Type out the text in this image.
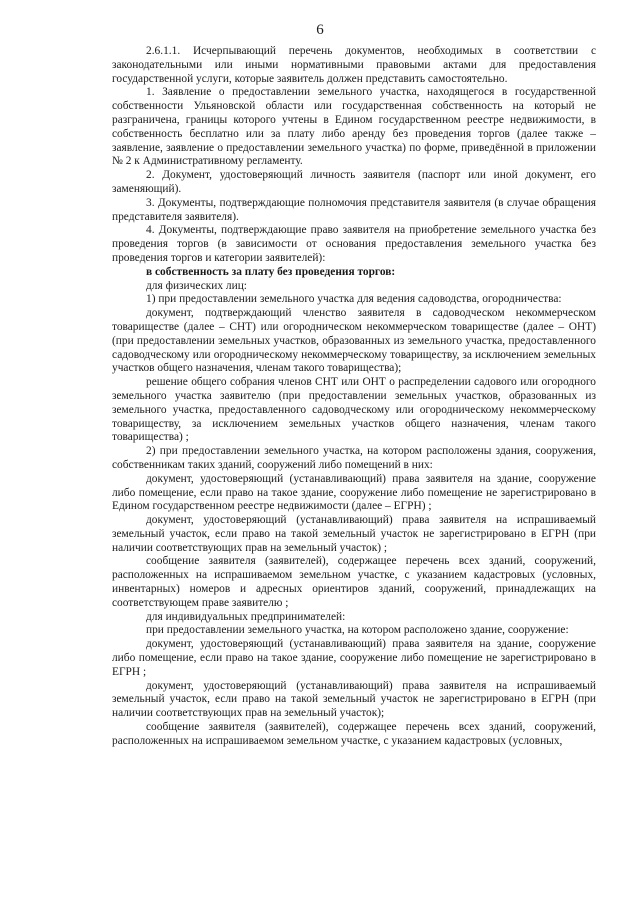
6

2.6.1.1. Исчерпывающий перечень документов, необходимых в соответствии с законодательными или иными нормативными правовыми актами для предоставления государственной услуги, которые заявитель должен представить самостоятельно.

1. Заявление о предоставлении земельного участка, находящегося в государственной собственности Ульяновской области или государственная собственность на который не разграничена, границы которого учтены в Едином государственном реестре недвижимости, в собственность бесплатно или за плату либо аренду без проведения торгов (далее также – заявление, заявление о предоставлении земельного участка) по форме, приведённой в приложении № 2 к Административному регламенту.

2. Документ, удостоверяющий личность заявителя (паспорт или иной документ, его заменяющий).

3. Документы, подтверждающие полномочия представителя заявителя (в случае обращения представителя заявителя).

4. Документы, подтверждающие право заявителя на приобретение земельного участка без проведения торгов (в зависимости от основания предоставления земельного участка без проведения торгов и категории заявителей):

в собственность за плату без проведения торгов:

для физических лиц:

1) при предоставлении земельного участка для ведения садоводства, огородничества:

документ, подтверждающий членство заявителя в садоводческом некоммерческом товариществе (далее – СНТ) или огородническом некоммерческом товариществе (далее – ОНТ) (при предоставлении земельных участков, образованных из земельного участка, предоставленного садоводческому или огородническому некоммерческому товариществу, за исключением земельных участков общего назначения, членам такого товарищества);

решение общего собрания членов СНТ или ОНТ о распределении садового или огородного земельного участка заявителю (при предоставлении земельных участков, образованных из земельного участка, предоставленного садоводческому или огородническому некоммерческому товариществу, за исключением земельных участков общего назначения, членам такого товарищества) ;

2) при предоставлении земельного участка, на котором расположены здания, сооружения, собственникам таких зданий, сооружений либо помещений в них:

документ, удостоверяющий (устанавливающий) права заявителя на здание, сооружение либо помещение, если право на такое здание, сооружение либо помещение не зарегистрировано в Едином государственном реестре недвижимости (далее – ЕГРН) ;

документ, удостоверяющий (устанавливающий) права заявителя на испрашиваемый земельный участок, если право на такой земельный участок не зарегистрировано в ЕГРН (при наличии соответствующих прав на земельный участок) ;

сообщение заявителя (заявителей), содержащее перечень всех зданий, сооружений, расположенных на испрашиваемом земельном участке, с указанием кадастровых (условных, инвентарных) номеров и адресных ориентиров зданий, сооружений, принадлежащих на соответствующем праве заявителю ;

для индивидуальных предпринимателей:

при предоставлении земельного участка, на котором расположено здание, сооружение:

документ, удостоверяющий (устанавливающий) права заявителя на здание, сооружение либо помещение, если право на такое здание, сооружение либо помещение не зарегистрировано в ЕГРН ;

документ, удостоверяющий (устанавливающий) права заявителя на испрашиваемый земельный участок, если право на такой земельный участок не зарегистрировано в ЕГРН (при наличии соответствующих прав на земельный участок);

сообщение заявителя (заявителей), содержащее перечень всех зданий, сооружений, расположенных на испрашиваемом земельном участке, с указанием кадастровых (условных,
